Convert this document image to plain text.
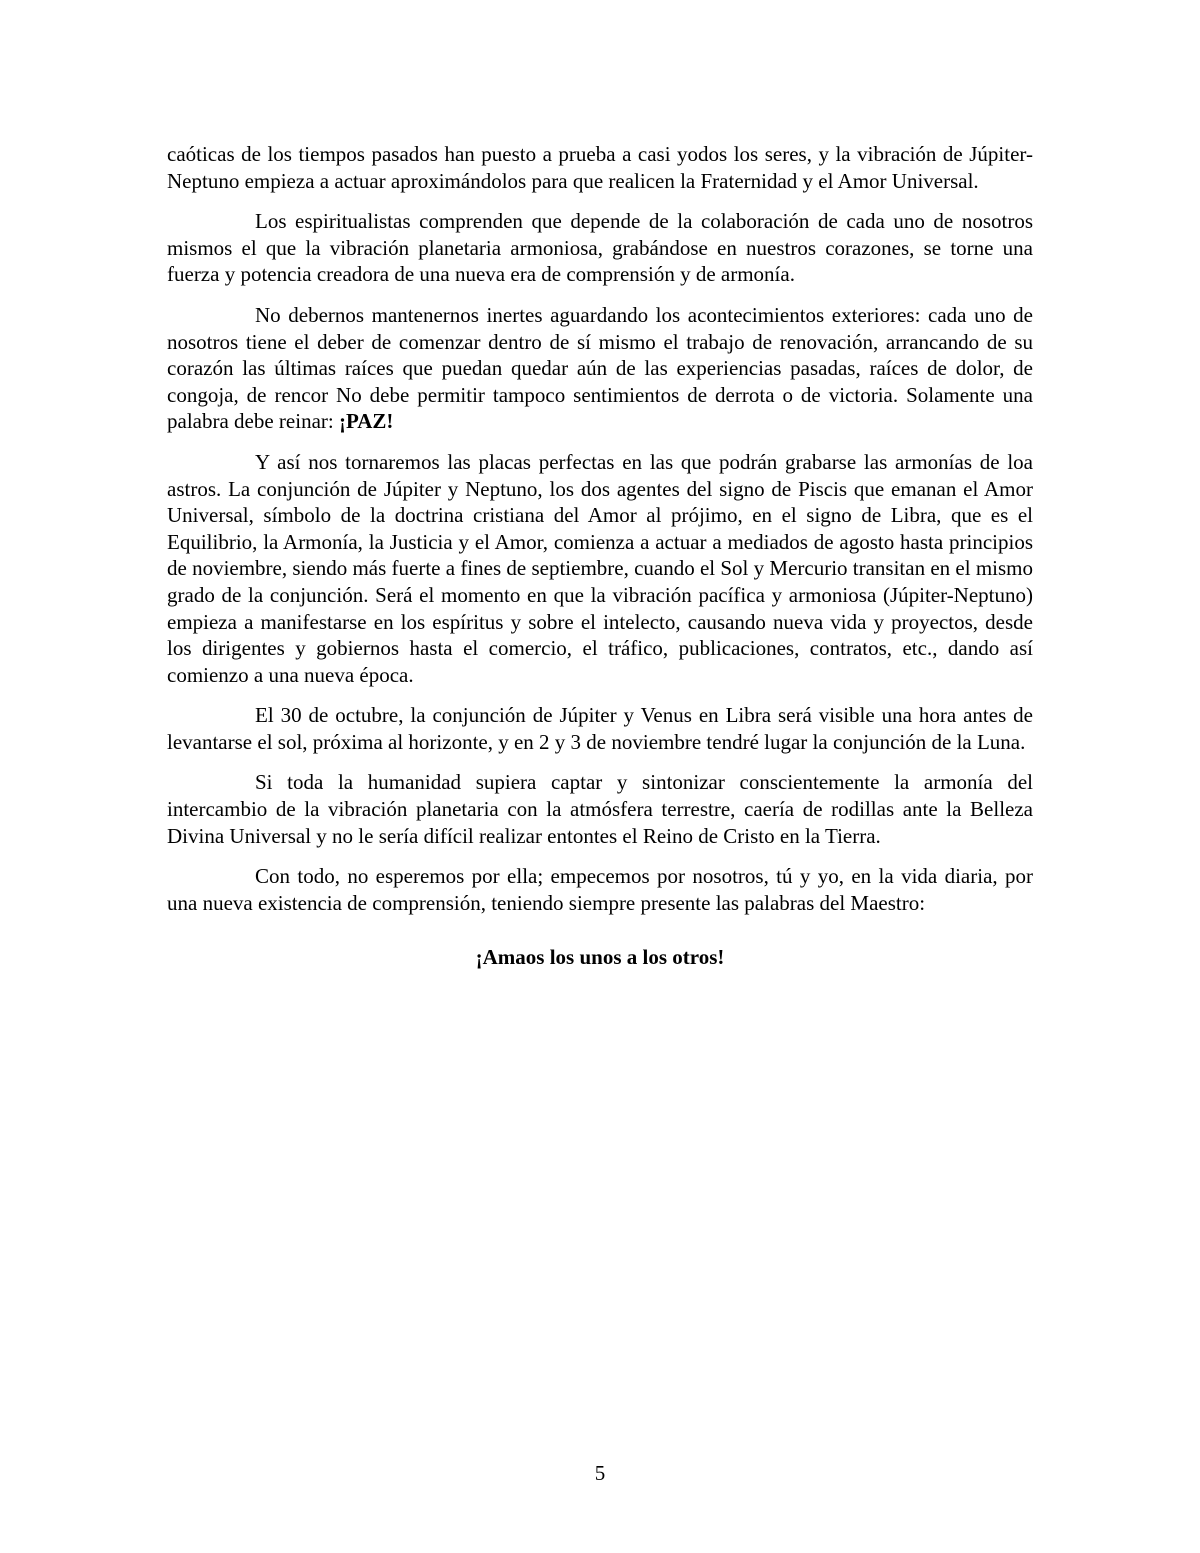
caóticas de los tiempos pasados han puesto a prueba a casi yodos los seres, y la vibración de Júpiter-Neptuno empieza a actuar aproximándolos para que realicen la Fraternidad y el Amor Universal.

Los espiritualistas comprenden que depende de la colaboración de cada uno de nosotros mismos el que la vibración planetaria armoniosa, grabándose en nuestros corazones, se torne una fuerza y potencia creadora de una nueva era de comprensión y de armonía.

No debernos mantenernos inertes aguardando los acontecimientos exteriores: cada uno de nosotros tiene el deber de comenzar dentro de sí mismo el trabajo de renovación, arrancando de su corazón las últimas raíces que puedan quedar aún de las experiencias pasadas, raíces de dolor, de congoja, de rencor No debe permitir tampoco sentimientos de derrota o de victoria. Solamente una palabra debe reinar: ¡PAZ!

Y así nos tornaremos las placas perfectas en las que podrán grabarse las armonías de loa astros. La conjunción de Júpiter y Neptuno, los dos agentes del signo de Piscis que emanan el Amor Universal, símbolo de la doctrina cristiana del Amor al prójimo, en el signo de Libra, que es el Equilibrio, la Armonía, la Justicia y el Amor, comienza a actuar a mediados de agosto hasta principios de noviembre, siendo más fuerte a fines de septiembre, cuando el Sol y Mercurio transitan en el mismo grado de la conjunción. Será el momento en que la vibración pacífica y armoniosa (Júpiter-Neptuno) empieza a manifestarse en los espíritus y sobre el intelecto, causando nueva vida y proyectos, desde los dirigentes y gobiernos hasta el comercio, el tráfico, publicaciones, contratos, etc., dando así comienzo a una nueva época.

El 30 de octubre, la conjunción de Júpiter y Venus en Libra será visible una hora antes de levantarse el sol, próxima al horizonte, y en 2 y 3 de noviembre tendré lugar la conjunción de la Luna.

Si toda la humanidad supiera captar y sintonizar conscientemente la armonía del intercambio de la vibración planetaria con la atmósfera terrestre, caería de rodillas ante la Belleza Divina Universal y no le sería difícil realizar entontes el Reino de Cristo en la Tierra.

Con todo, no esperemos por ella; empecemos por nosotros, tú y yo, en la vida diaria, por una nueva existencia de comprensión, teniendo siempre presente las palabras del Maestro:

¡Amaos los unos a los otros!

5
